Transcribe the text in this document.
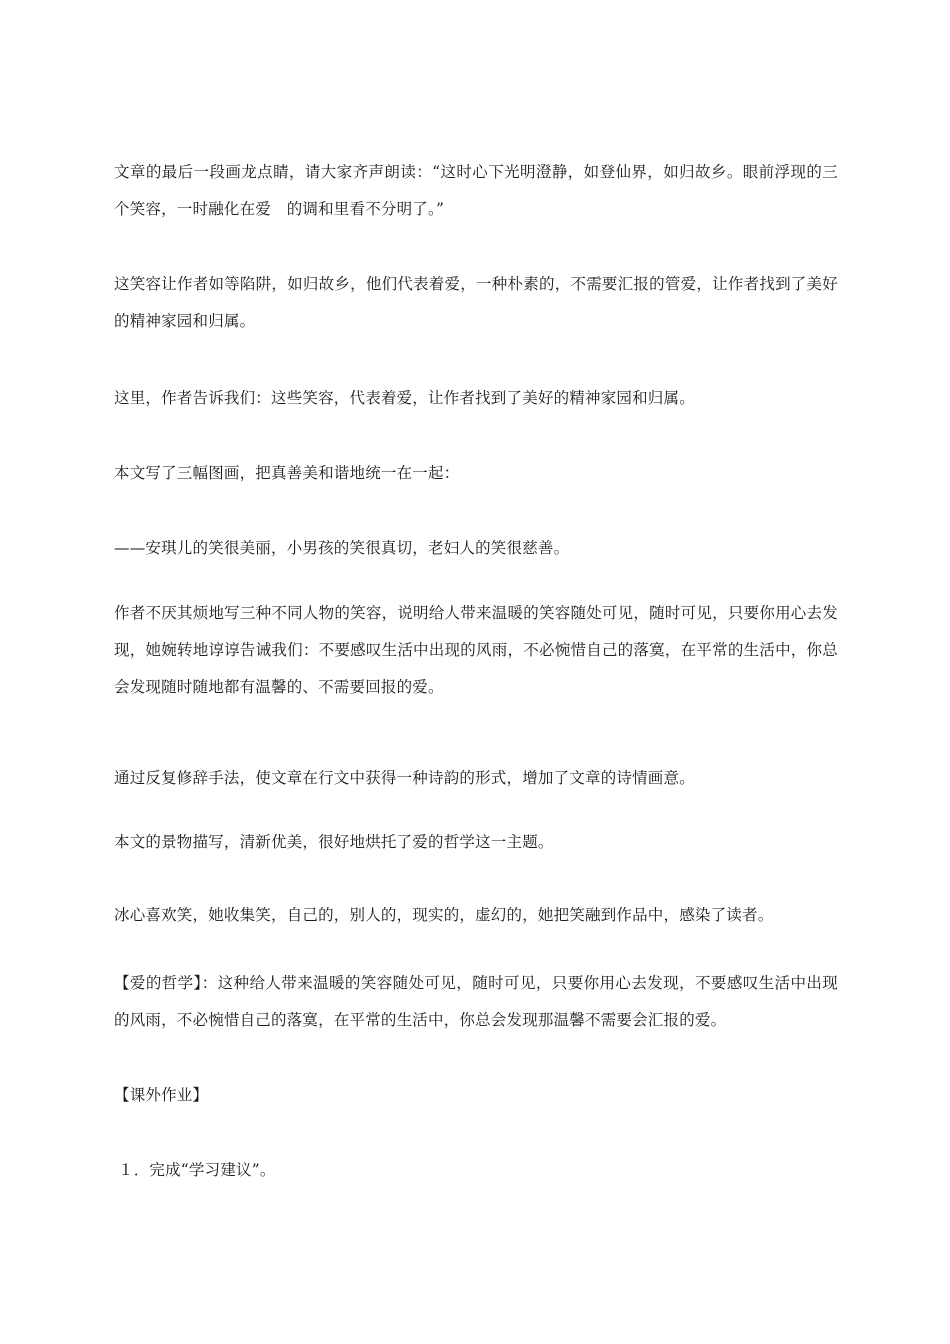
文章的最后一段画龙点睛，请大家齐声朗读：“这时心下光明澄静，如登仙界，如归故乡。眼前浮现的三个笑容，一时融化在爱　的调和里看不分明了。”

这笑容让作者如等陷阱，如归故乡，他们代表着爱，一种朴素的，不需要汇报的管爱，让作者找到了美好的精神家园和归属。

这里，作者告诉我们：这些笑容，代表着爱，让作者找到了美好的精神家园和归属。

本文写了三幅图画，把真善美和谐地统一在一起：

——安琪儿的笑很美丽，小男孩的笑很真切，老妇人的笑很慈善。

作者不厌其烦地写三种不同人物的笑容，说明给人带来温暖的笑容随处可见，随时可见，只要你用心去发现，她婉转地谆谆告诫我们：不要感叹生活中出现的风雨，不必惋惜自己的落寞，在平常的生活中，你总会发现随时随地都有温馨的、不需要回报的爱。

通过反复修辞手法，使文章在行文中获得一种诗韵的形式，增加了文章的诗情画意。

本文的景物描写，清新优美，很好地烘托了爱的哲学这一主题。

冰心喜欢笑，她收集笑，自己的，别人的，现实的，虚幻的，她把笑融到作品中，感染了读者。

【爱的哲学】：这种给人带来温暖的笑容随处可见，随时可见，只要你用心去发现，不要感叹生活中出现的风雨，不必惋惜自己的落寞，在平常的生活中，你总会发现那温馨不需要会汇报的爱。

【课外作业】

１．完成“学习建议”。
